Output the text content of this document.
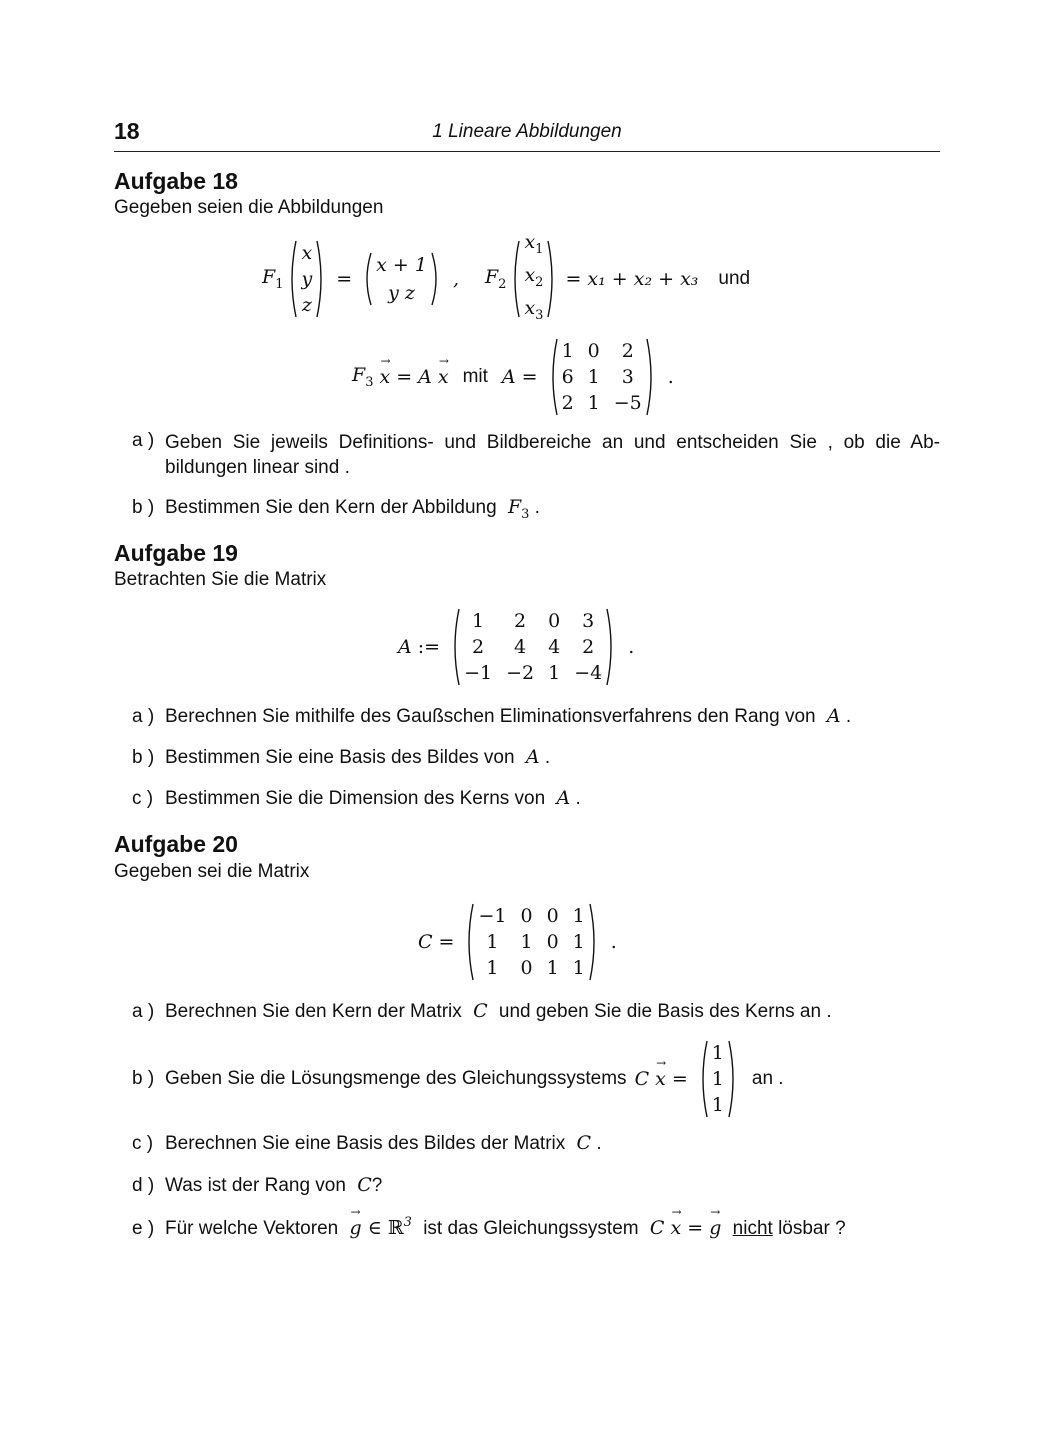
18	1 Lineare Abbildungen
Aufgabe 18
Gegeben seien die Abbildungen
$F_1$
x
y
z
=
x + 1
y z
, $F_2$
$x_1$
$x_2$
$x_3$
= x₁ + x₂ + x₃ und
$F_3$
→ x = A → x mit A =
1 0 2
6 1 3
2 1 −5
.
a ) Geben Sie jeweils Definitions- und Bildbereiche an und entscheiden Sie , ob die Abbildungen linear sind .
b ) Bestimmen Sie den Kern der Abbildung $F_3$ .
Aufgabe 19
Betrachten Sie die Matrix
A :=
1 2 0 3
2 4 4 2
−1 −2 1 −4
.
a ) Berechnen Sie mithilfe des Gaußschen Eliminationsverfahrens den Rang von A .
b ) Bestimmen Sie eine Basis des Bildes von A .
c ) Bestimmen Sie die Dimension des Kerns von A .
Aufgabe 20
Gegeben sei die Matrix
C =
−1 0 0 1
1 1 0 1
1 0 1 1
.
a ) Berechnen Sie den Kern der Matrix C und geben Sie die Basis des Kerns an .
b ) Geben Sie die Lösungsmenge des Gleichungssystems C → x =
1
1
1
an .
c ) Berechnen Sie eine Basis des Bildes der Matrix C .
d ) Was ist der Rang von C?
e ) Für welche Vektoren → g ∈ ℝ$^3$ ist das Gleichungssystem C → x = → g nicht lösbar ?
